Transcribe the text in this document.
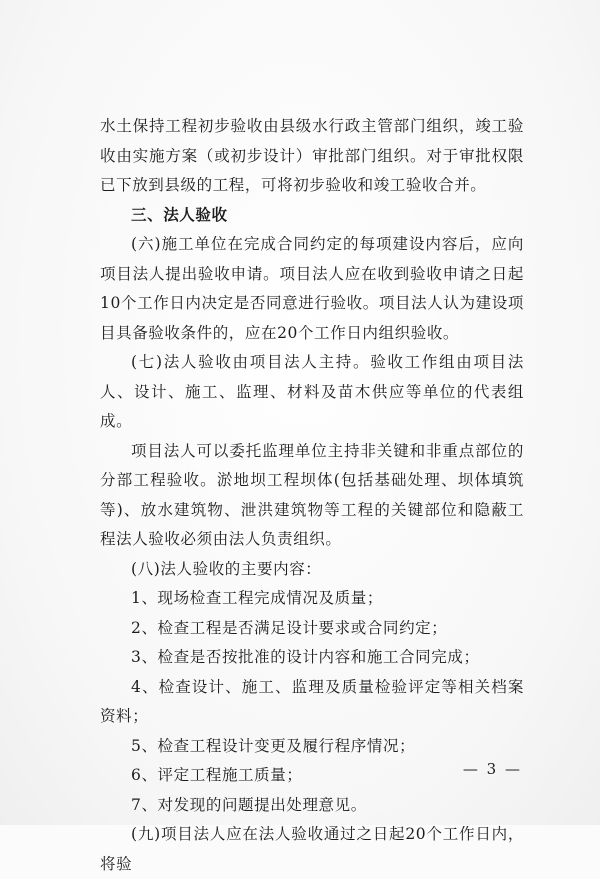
水土保持工程初步验收由县级水行政主管部门组织，竣工验收由实施方案（或初步设计）审批部门组织。对于审批权限已下放到县级的工程，可将初步验收和竣工验收合并。

三、法人验收

(六)施工单位在完成合同约定的每项建设内容后，应向项目法人提出验收申请。项目法人应在收到验收申请之日起10个工作日内决定是否同意进行验收。项目法人认为建设项目具备验收条件的，应在20个工作日内组织验收。

(七)法人验收由项目法人主持。验收工作组由项目法人、设计、施工、监理、材料及苗木供应等单位的代表组成。

项目法人可以委托监理单位主持非关键和非重点部位的分部工程验收。淤地坝工程坝体(包括基础处理、坝体填筑等)、放水建筑物、泄洪建筑物等工程的关键部位和隐蔽工程法人验收必须由法人负责组织。

(八)法人验收的主要内容：

1、现场检查工程完成情况及质量；

2、检查工程是否满足设计要求或合同约定；

3、检查是否按批准的设计内容和施工合同完成；

4、检查设计、施工、监理及质量检验评定等相关档案资料；

5、检查工程设计变更及履行程序情况；

6、评定工程施工质量；

7、对发现的问题提出处理意见。

(九)项目法人应在法人验收通过之日起20个工作日内，将验

— 3 —
